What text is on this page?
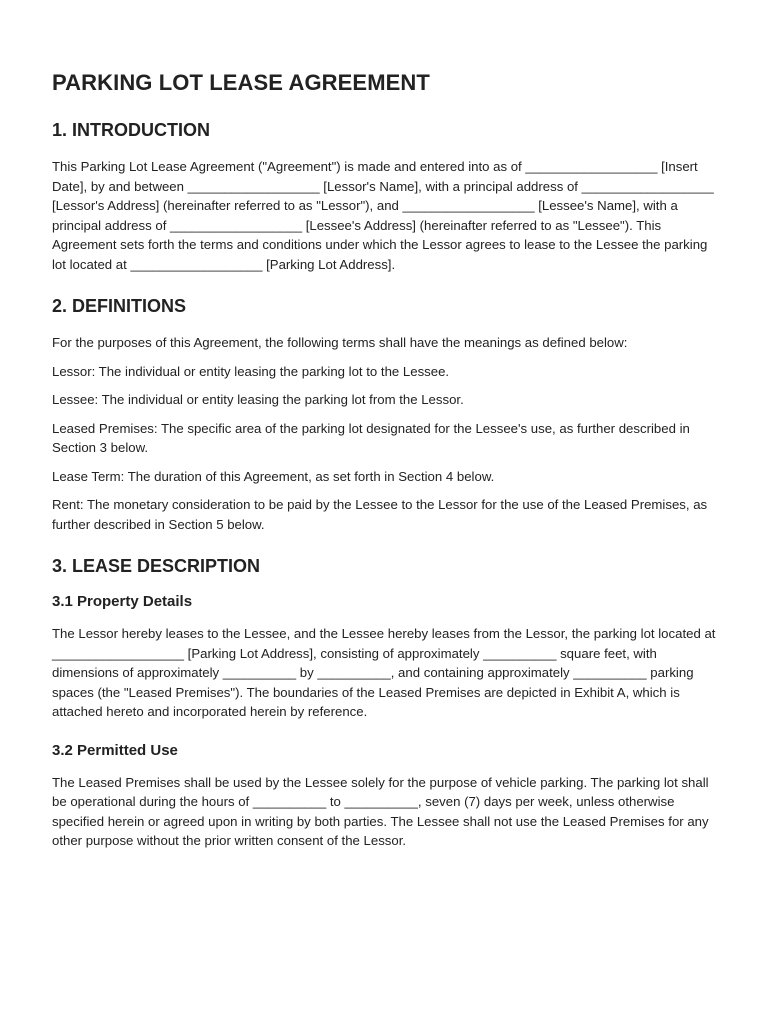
PARKING LOT LEASE AGREEMENT
1. INTRODUCTION

This Parking Lot Lease Agreement ("Agreement") is made and entered into as of __________________ [Insert Date], by and between __________________ [Lessor's Name], with a principal address of __________________ [Lessor's Address] (hereinafter referred to as "Lessor"), and __________________ [Lessee's Name], with a principal address of __________________ [Lessee's Address] (hereinafter referred to as "Lessee"). This Agreement sets forth the terms and conditions under which the Lessor agrees to lease to the Lessee the parking lot located at __________________ [Parking Lot Address].

2. DEFINITIONS

For the purposes of this Agreement, the following terms shall have the meanings as defined below:

Lessor: The individual or entity leasing the parking lot to the Lessee.

Lessee: The individual or entity leasing the parking lot from the Lessor.

Leased Premises: The specific area of the parking lot designated for the Lessee's use, as further described in Section 3 below.

Lease Term: The duration of this Agreement, as set forth in Section 4 below.

Rent: The monetary consideration to be paid by the Lessee to the Lessor for the use of the Leased Premises, as further described in Section 5 below.

3. LEASE DESCRIPTION
3.1 Property Details

The Lessor hereby leases to the Lessee, and the Lessee hereby leases from the Lessor, the parking lot located at __________________ [Parking Lot Address], consisting of approximately __________ square feet, with dimensions of approximately __________ by __________, and containing approximately __________ parking spaces (the "Leased Premises"). The boundaries of the Leased Premises are depicted in Exhibit A, which is attached hereto and incorporated herein by reference.

3.2 Permitted Use

The Leased Premises shall be used by the Lessee solely for the purpose of vehicle parking. The parking lot shall be operational during the hours of __________ to __________, seven (7) days per week, unless otherwise specified herein or agreed upon in writing by both parties. The Lessee shall not use the Leased Premises for any other purpose without the prior written consent of the Lessor.
